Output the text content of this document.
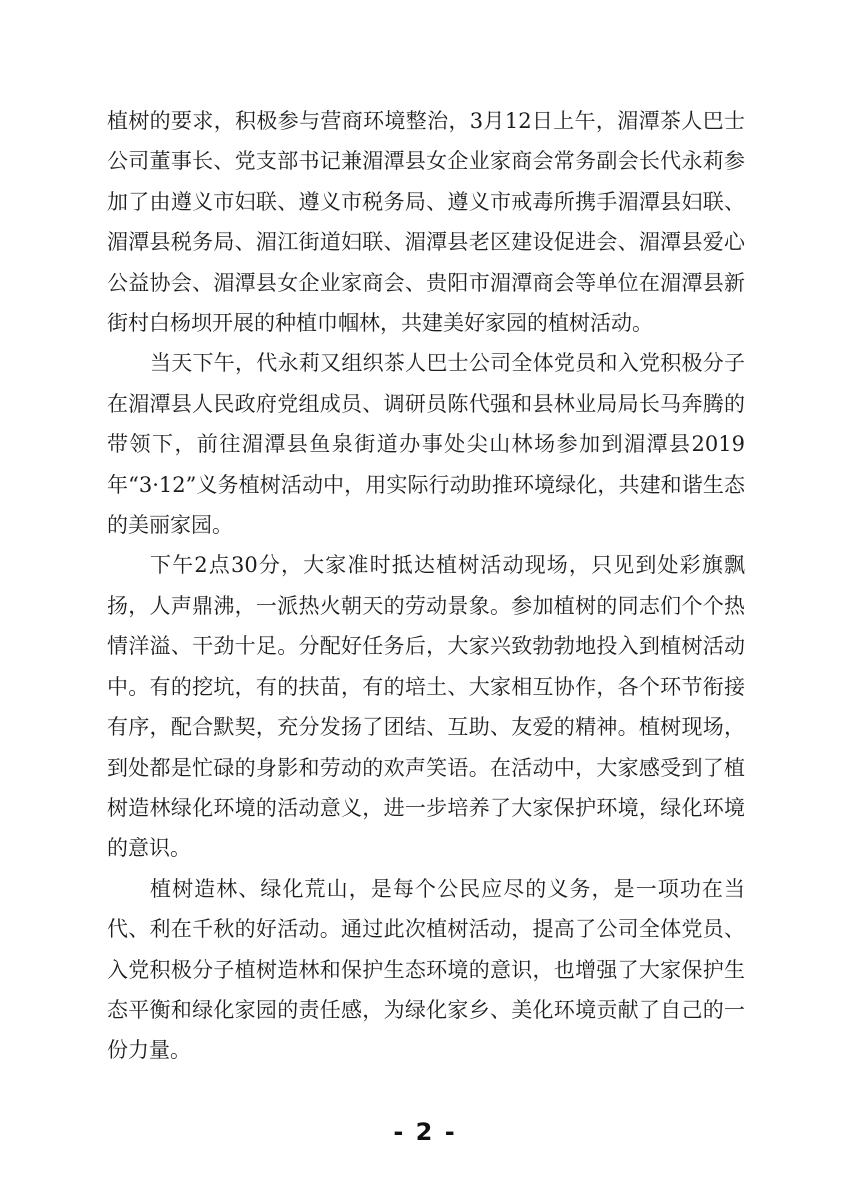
植树的要求，积极参与营商环境整治，3月12日上午，湄潭茶人巴士公司董事长、党支部书记兼湄潭县女企业家商会常务副会长代永莉参加了由遵义市妇联、遵义市税务局、遵义市戒毒所携手湄潭县妇联、湄潭县税务局、湄江街道妇联、湄潭县老区建设促进会、湄潭县爱心公益协会、湄潭县女企业家商会、贵阳市湄潭商会等单位在湄潭县新街村白杨坝开展的种植巾帼林，共建美好家园的植树活动。

当天下午，代永莉又组织茶人巴士公司全体党员和入党积极分子在湄潭县人民政府党组成员、调研员陈代强和县林业局局长马奔腾的带领下，前往湄潭县鱼泉街道办事处尖山林场参加到湄潭县2019年“3·12”义务植树活动中，用实际行动助推环境绿化，共建和谐生态的美丽家园。

下午2点30分，大家准时抵达植树活动现场，只见到处彩旗飘扬，人声鼎沸，一派热火朝天的劳动景象。参加植树的同志们个个热情洋溢、干劲十足。分配好任务后，大家兴致勃勃地投入到植树活动中。有的挖坑，有的扶苗，有的培土、大家相互协作，各个环节衔接有序，配合默契，充分发扬了团结、互助、友爱的精神。植树现场，到处都是忙碌的身影和劳动的欢声笑语。在活动中，大家感受到了植树造林绿化环境的活动意义，进一步培养了大家保护环境，绿化环境的意识。

植树造林、绿化荒山，是每个公民应尽的义务，是一项功在当代、利在千秋的好活动。通过此次植树活动，提高了公司全体党员、入党积极分子植树造林和保护生态环境的意识，也增强了大家保护生态平衡和绿化家园的责任感，为绿化家乡、美化环境贡献了自己的一份力量。

- 2 -
